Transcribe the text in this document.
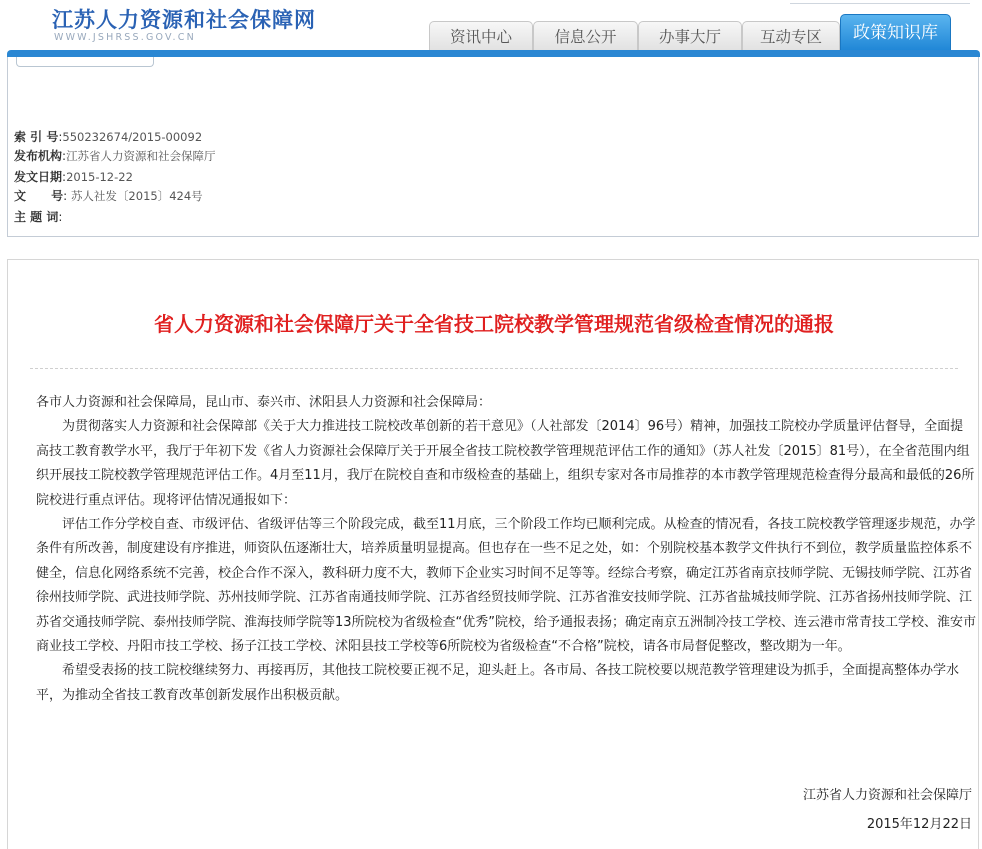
江苏人力资源和社会保障网
WWW.JSHRSS.GOV.CN	资讯中心	信息公开	办事大厅	互动专区	政策知识库
索 引 号:550232674/2015-00092
发布机构:江苏省人力资源和社会保障厅
发文日期:2015-12-22
文      号: 苏人社发〔2015〕424号
主 题 词:
省人力资源和社会保障厅关于全省技工院校教学管理规范省级检查情况的通报

各市人力资源和社会保障局，昆山市、泰兴市、沭阳县人力资源和社会保障局：

为贯彻落实人力资源和社会保障部《关于大力推进技工院校改革创新的若干意见》（人社部发〔2014〕96号）精神，加强技工院校办学质量评估督导，全面提高技工教育教学水平，我厅于年初下发《省人力资源社会保障厅关于开展全省技工院校教学管理规范评估工作的通知》（苏人社发〔2015〕81号），在全省范围内组织开展技工院校教学管理规范评估工作。4月至11月，我厅在院校自查和市级检查的基础上，组织专家对各市局推荐的本市教学管理规范检查得分最高和最低的26所院校进行重点评估。现将评估情况通报如下：

评估工作分学校自查、市级评估、省级评估等三个阶段完成，截至11月底，三个阶段工作均已顺利完成。从检查的情况看，各技工院校教学管理逐步规范，办学条件有所改善，制度建设有序推进，师资队伍逐渐壮大，培养质量明显提高。但也存在一些不足之处，如：个别院校基本教学文件执行不到位，教学质量监控体系不健全，信息化网络系统不完善，校企合作不深入，教科研力度不大，教师下企业实习时间不足等等。经综合考察，确定江苏省南京技师学院、无锡技师学院、江苏省徐州技师学院、武进技师学院、苏州技师学院、江苏省南通技师学院、江苏省经贸技师学院、江苏省淮安技师学院、江苏省盐城技师学院、江苏省扬州技师学院、江苏省交通技师学院、泰州技师学院、淮海技师学院等13所院校为省级检查“优秀”院校，给予通报表扬；确定南京五洲制冷技工学校、连云港市常青技工学校、淮安市商业技工学校、丹阳市技工学校、扬子江技工学校、沭阳县技工学校等6所院校为省级检查“不合格”院校，请各市局督促整改，整改期为一年。

希望受表扬的技工院校继续努力、再接再厉，其他技工院校要正视不足，迎头赶上。各市局、各技工院校要以规范教学管理建设为抓手，全面提高整体办学水平，为推动全省技工教育改革创新发展作出积极贡献。

江苏省人力资源和社会保障厅
2015年12月22日
